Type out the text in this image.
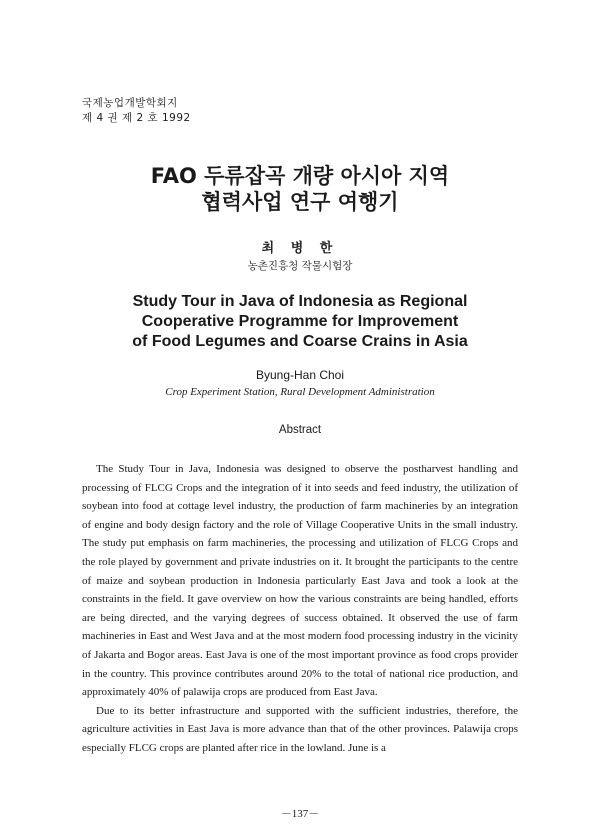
국제농업개발학회지
제 4 권 제 2 호 1992
FAO 두류잡곡 개량 아시아 지역
협력사업 연구 여행기
최 병 한
농촌진흥청 작물시험장
Study Tour in Java of Indonesia as Regional
Cooperative Programme for Improvement
of Food Legumes and Coarse Crains in Asia
Byung-Han Choi
Crop Experiment Station, Rural Development Administration
Abstract

The Study Tour in Java, Indonesia was designed to observe the postharvest handling and processing of FLCG Crops and the integration of it into seeds and feed industry, the utilization of soybean into food at cottage level industry, the production of farm machineries by an integration of engine and body design factory and the role of Village Cooperative Units in the small industry. The study put emphasis on farm machineries, the processing and utilization of FLCG Crops and the role played by government and private industries on it. It brought the participants to the centre of maize and soybean production in Indonesia particularly East Java and took a look at the constraints in the field. It gave overview on how the various constraints are being handled, efforts are being directed, and the varying degrees of success obtained. It observed the use of farm machineries in East and West Java and at the most modern food processing industry in the vicinity of Jakarta and Bogor areas. East Java is one of the most important province as food crops provider in the country. This province contributes around 20% to the total of national rice production, and approximately 40% of palawija crops are produced from East Java.

Due to its better infrastructure and supported with the sufficient industries, therefore, the agriculture activities in East Java is more advance than that of the other provinces. Palawija crops especially FLCG crops are planted after rice in the lowland. June is a

－137－
